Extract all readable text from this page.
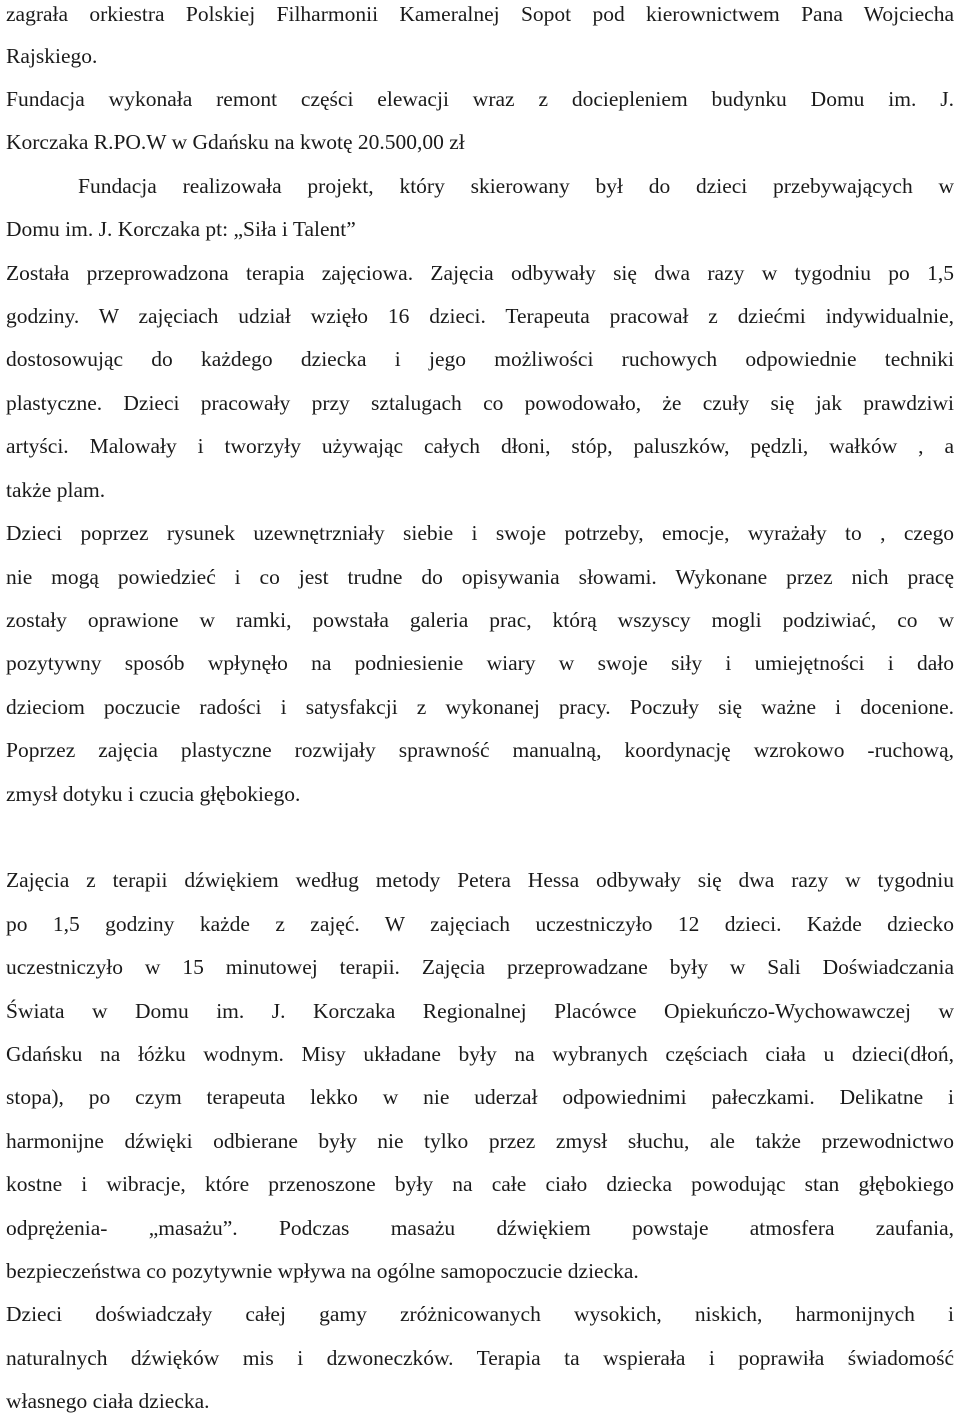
zagrała orkiestra Polskiej Filharmonii Kameralnej Sopot pod kierownictwem Pana Wojciecha
Rajskiego.
Fundacja wykonała remont części elewacji wraz z dociepleniem budynku Domu im. J.
Korczaka R.PO.W w Gdańsku na kwotę 20.500,00 zł
Fundacja realizowała projekt, który skierowany był do dzieci przebywających w
Domu im. J. Korczaka pt: „Siła i Talent”
Została przeprowadzona terapia zajęciowa. Zajęcia odbywały się dwa razy w tygodniu po 1,5
godziny. W zajęciach udział wzięło 16 dzieci. Terapeuta pracował z dziećmi indywidualnie,
dostosowując do każdego dziecka i jego możliwości ruchowych odpowiednie techniki
plastyczne. Dzieci pracowały przy sztalugach co powodowało, że czuły się jak prawdziwi
artyści. Malowały i tworzyły używając całych dłoni, stóp, paluszków, pędzli, wałków , a
także plam.
Dzieci poprzez rysunek uzewnętrzniały siebie i swoje potrzeby, emocje, wyrażały to , czego
nie mogą powiedzieć i co jest trudne do opisywania słowami. Wykonane przez nich pracę
zostały oprawione w ramki, powstała galeria prac, którą wszyscy mogli podziwiać, co w
pozytywny sposób wpłynęło na podniesienie wiary w swoje siły i umiejętności i dało
dzieciom poczucie radości i satysfakcji z wykonanej pracy. Poczuły się ważne i docenione.
Poprzez zajęcia plastyczne rozwijały sprawność manualną, koordynację wzrokowo -ruchową,
zmysł dotyku i czucia głębokiego.
Zajęcia z terapii dźwiękiem według metody Petera Hessa odbywały się dwa razy w tygodniu
po 1,5 godziny każde z zajęć. W zajęciach uczestniczyło 12 dzieci. Każde dziecko
uczestniczyło w 15 minutowej terapii. Zajęcia przeprowadzane były w Sali Doświadczania
Świata w Domu im. J. Korczaka Regionalnej Placówce Opiekuńczo-Wychowawczej w
Gdańsku na łóżku wodnym. Misy układane były na wybranych częściach ciała u dzieci(dłoń,
stopa), po czym terapeuta lekko w nie uderzał odpowiednimi pałeczkami. Delikatne i
harmonijne dźwięki odbierane były nie tylko przez zmysł słuchu, ale także przewodnictwo
kostne i wibracje, które przenoszone były na całe ciało dziecka powodując stan głębokiego
odprężenia- „masażu”. Podczas masażu dźwiękiem powstaje atmosfera zaufania,
bezpieczeństwa co pozytywnie wpływa na ogólne samopoczucie dziecka.
Dzieci doświadczały całej gamy zróżnicowanych wysokich, niskich, harmonijnych i
naturalnych dźwięków mis i dzwoneczków. Terapia ta wspierała i poprawiła świadomość
własnego ciała dziecka.
